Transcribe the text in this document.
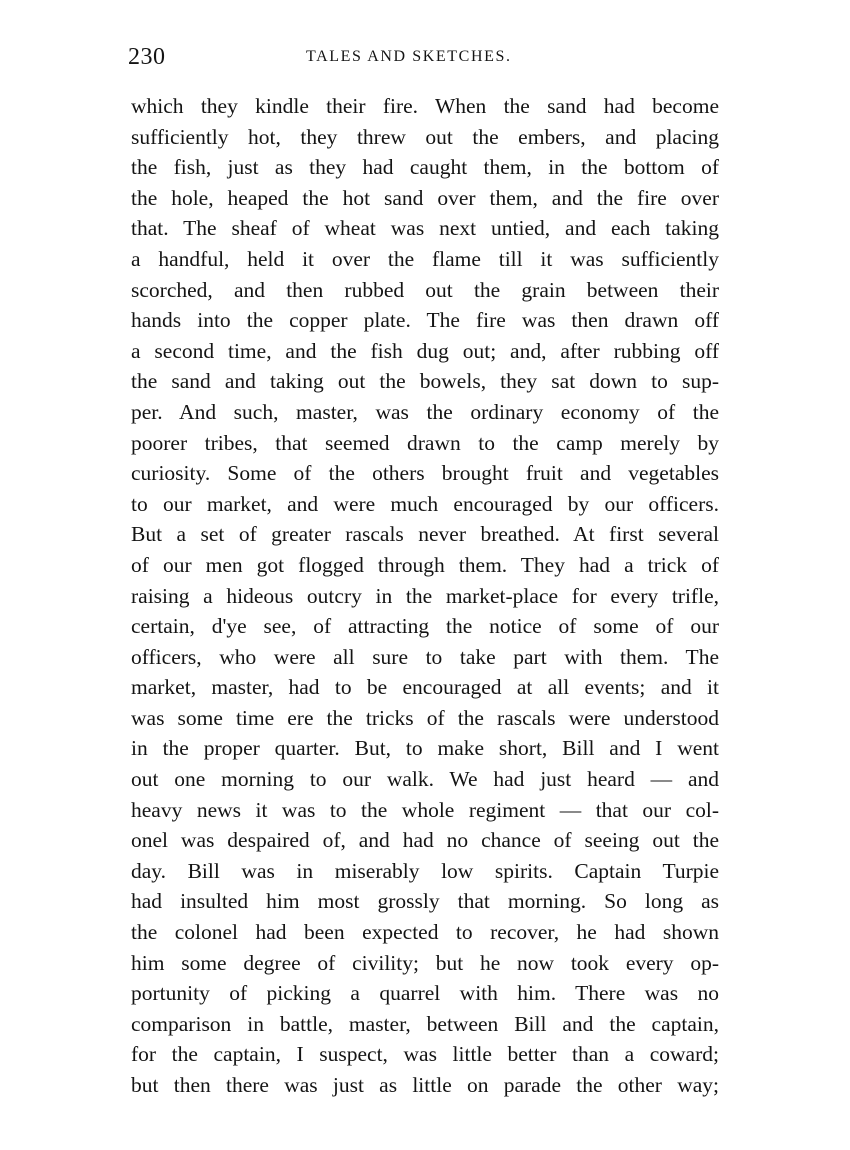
230	TALES AND SKETCHES.
which they kindle their fire. When the sand had become
sufficiently hot, they threw out the embers, and placing
the fish, just as they had caught them, in the bottom of
the hole, heaped the hot sand over them, and the fire over
that. The sheaf of wheat was next untied, and each taking
a handful, held it over the flame till it was sufficiently
scorched, and then rubbed out the grain between their
hands into the copper plate. The fire was then drawn off
a second time, and the fish dug out; and, after rubbing off
the sand and taking out the bowels, they sat down to sup-
per. And such, master, was the ordinary economy of the
poorer tribes, that seemed drawn to the camp merely by
curiosity. Some of the others brought fruit and vegetables
to our market, and were much encouraged by our officers.
But a set of greater rascals never breathed. At first several
of our men got flogged through them. They had a trick of
raising a hideous outcry in the market-place for every trifle,
certain, d'ye see, of attracting the notice of some of our
officers, who were all sure to take part with them. The
market, master, had to be encouraged at all events; and it
was some time ere the tricks of the rascals were understood
in the proper quarter. But, to make short, Bill and I went
out one morning to our walk. We had just heard — and
heavy news it was to the whole regiment — that our col-
onel was despaired of, and had no chance of seeing out the
day. Bill was in miserably low spirits. Captain Turpie
had insulted him most grossly that morning. So long as
the colonel had been expected to recover, he had shown
him some degree of civility; but he now took every op-
portunity of picking a quarrel with him. There was no
comparison in battle, master, between Bill and the captain,
for the captain, I suspect, was little better than a coward;
but then there was just as little on parade the other way;
